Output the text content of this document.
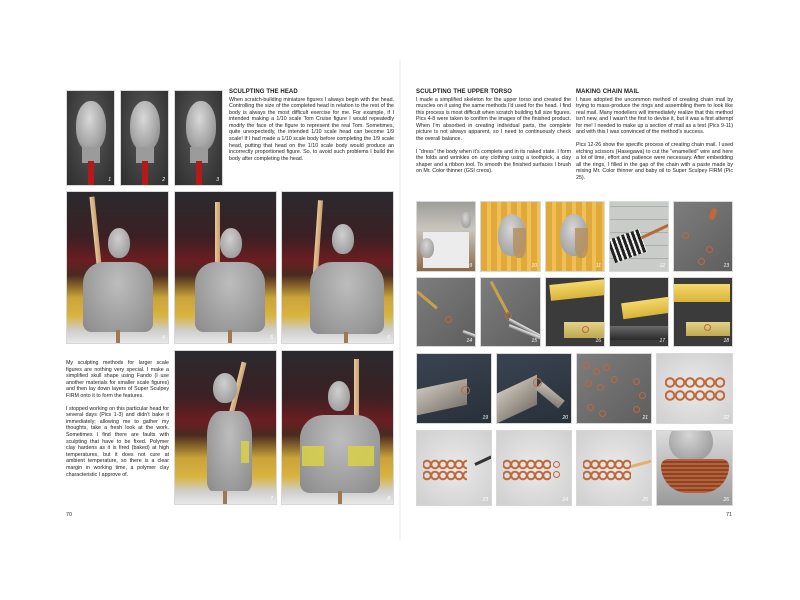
1	2	3
SCULPTING THE HEAD

When scratch-building miniature figures I always begin with the head. Controlling the size of the completed head in relation to the rest of the body is always the most difficult exercise for me. For example, if I intended making a 1/10 scale Tom Cruise figure I would repeatedly modify the face of the figure to represent the real Tom. Sometimes, quite unexpectedly, the intended 1/10 scale head can become 1/9 scale! If I had made a 1/10 scale body before completing the 1/9 scale head, putting that head on the 1/10 scale body would produce an incorrectly proportioned figure. So, to avoid such problems I build the body after completing the head.

4	5	6

My sculpting methods for larger scale figures are nothing very special. I make a simplified skull shape using Fando (I use another materials for smaller scale figures) and then lay down layers of Super Sculpey FIRM onto it to form the features.

I stopped working on this particular head for several days (Pics 1-3) and didn't bake it immediately; allowing me to gather my thoughts, take a fresh look at the work. Sometimes I find there are faults with sculpting that have to be fixed. Polymer clay hardens as it is fired (baked) at high temperatures, but it does not cure at ambient temperature, so there is a clear margin in working time, a polymer clay characteristic I approve of.

7	8
70
SCULPTING THE UPPER TORSO

I made a simplified skeleton for the upper torso and created the muscles on it using the same methods I'd used for the head. I find this process is most difficult when scratch building full size figures. Pics 4-8 were taken to confirm the images of the finished product. When I'm absorbed in creating individual parts, the complete picture is not always apparent, so I need to continuously check the overall balance.

I "dress" the body when it's complete and in its naked state. I form the folds and wrinkles on any clothing using a toothpick, a clay shaper and a ribbon tool. To smooth the finished surfaces I brush on Mr. Color thinner (GSI creos).

MAKING CHAIN MAIL

I have adopted the uncommon method of creating chain mail by trying to mass-produce the rings and assembling them to look like real mail. Many modellers will immediately realize that this method isn't new, and I wasn't the first to devise it, but it was a first attempt for me! I needed to make up a section of mail as a test (Pics 9-11) and with this I was convinced of the method's success.

Pics 12-26 show the specific process of creating chain mail. I used etching scissors (Hasegawa) to cut the "enamelled" wire and here a lot of time, effort and patience were necessary. After embedding all the rings, I filled in the gap of the chain with a paste made by mixing Mr. Color thinner and baby oil to Super Sculpey FIRM (Pic 25).

9	10	11	12	13
14	15	16	17	18
19	20	21	22
23	24	25	26
71
